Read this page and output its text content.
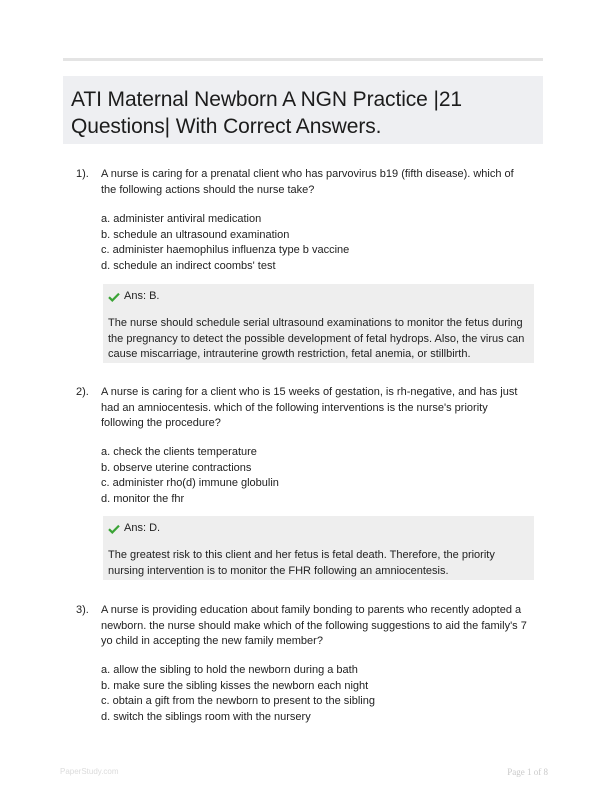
ATI Maternal Newborn A NGN Practice |21 Questions| With Correct Answers.
1). A nurse is caring for a prenatal client who has parvovirus b19 (fifth disease). which of the following actions should the nurse take?
a. administer antiviral medication
b. schedule an ultrasound examination
c. administer haemophilus influenza type b vaccine
d. schedule an indirect coombs' test
Ans: B.

The nurse should schedule serial ultrasound examinations to monitor the fetus during the pregnancy to detect the possible development of fetal hydrops. Also, the virus can cause miscarriage, intrauterine growth restriction, fetal anemia, or stillbirth.

2). A nurse is caring for a client who is 15 weeks of gestation, is rh-negative, and has just had an amniocentesis. which of the following interventions is the nurse's priority following the procedure?
a. check the clients temperature
b. observe uterine contractions
c. administer rho(d) immune globulin
d. monitor the fhr
Ans: D.

The greatest risk to this client and her fetus is fetal death. Therefore, the priority nursing intervention is to monitor the FHR following an amniocentesis.

3). A nurse is providing education about family bonding to parents who recently adopted a newborn. the nurse should make which of the following suggestions to aid the family's 7 yo child in accepting the new family member?
a. allow the sibling to hold the newborn during a bath
b. make sure the sibling kisses the newborn each night
c. obtain a gift from the newborn to present to the sibling
d. switch the siblings room with the nursery
PaperStudy.com	Page 1 of 8
